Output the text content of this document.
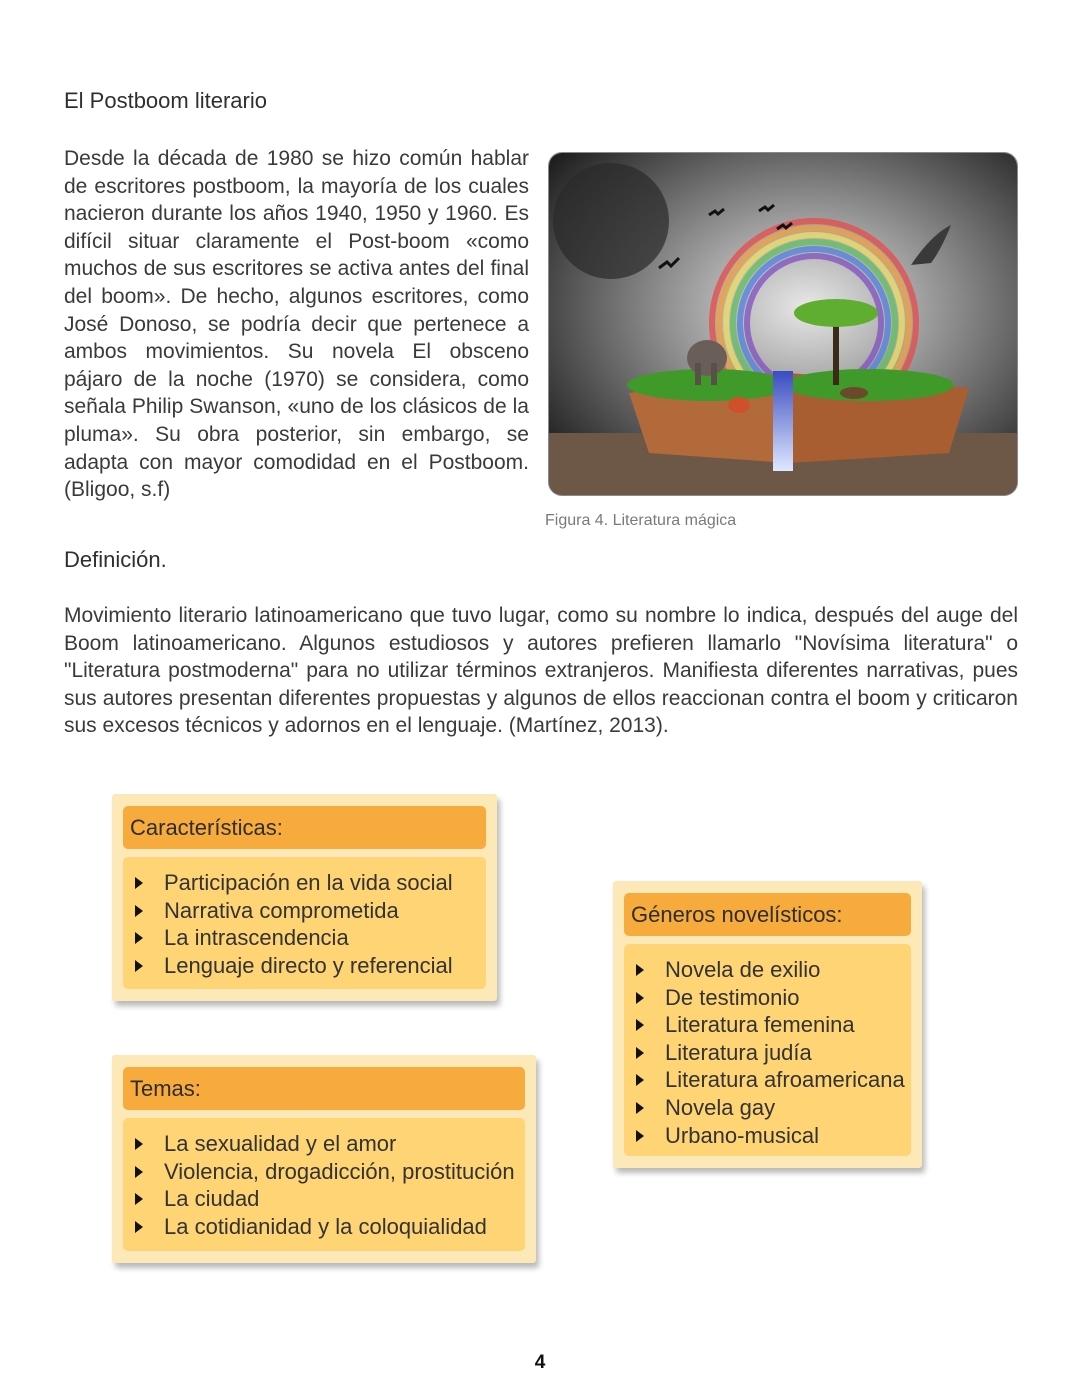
El Postboom literario

Desde la década de 1980 se hizo común hablar de escritores postboom, la mayoría de los cuales nacieron durante los años 1940, 1950 y 1960. Es difícil situar claramente el Post-boom «como muchos de sus escritores se activa antes del final del boom». De hecho, algunos escritores, como José Donoso, se podría decir que pertenece a ambos movimientos. Su novela El obsceno pájaro de la noche (1970) se considera, como señala Philip Swanson, «uno de los clásicos de la pluma». Su obra posterior, sin embargo, se adapta con mayor comodidad en el Postboom. (Bligoo, s.f)

Figura 4. Literatura mágica

Definición.

Movimiento literario latinoamericano que tuvo lugar, como su nombre lo indica, después del auge del Boom latinoamericano. Algunos estudiosos y autores prefieren llamarlo "Novísima literatura" o "Literatura postmoderna" para no utilizar términos extranjeros. Manifiesta diferentes narrativas, pues sus autores presentan diferentes propuestas y algunos de ellos reaccionan contra el boom y criticaron sus excesos técnicos y adornos en el lenguaje. (Martínez, 2013).

Características:
Participación en la vida social
Narrativa comprometida
La intrascendencia
Lenguaje directo y referencial
Temas:
La sexualidad y el amor
Violencia, drogadicción, prostitución
La ciudad
La cotidianidad y la coloquialidad
Géneros novelísticos:
Novela de exilio
De testimonio
Literatura femenina
Literatura judía
Literatura afroamericana
Novela gay
Urbano-musical

4
